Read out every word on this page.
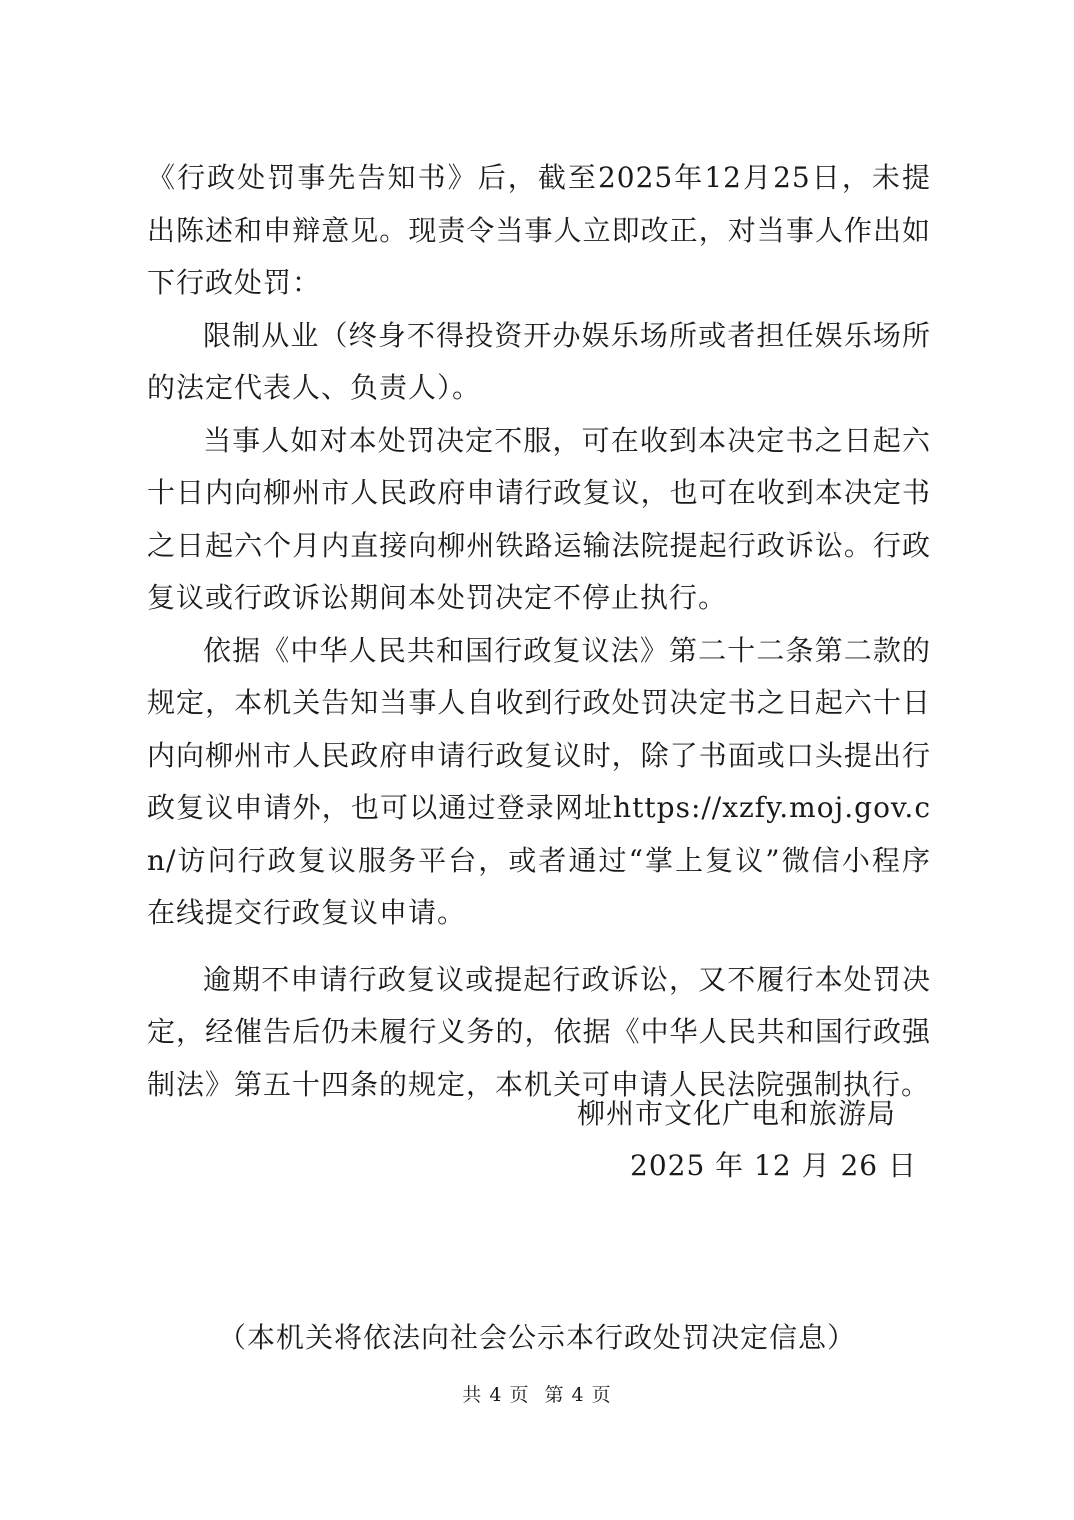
《行政处罚事先告知书》后，截至2025年12月25日，未提出陈述和申辩意见。现责令当事人立即改正，对当事人作出如下行政处罚：

限制从业（终身不得投资开办娱乐场所或者担任娱乐场所的法定代表人、负责人）。

当事人如对本处罚决定不服，可在收到本决定书之日起六十日内向柳州市人民政府申请行政复议，也可在收到本决定书之日起六个月内直接向柳州铁路运输法院提起行政诉讼。行政复议或行政诉讼期间本处罚决定不停止执行。

依据《中华人民共和国行政复议法》第二十二条第二款的规定，本机关告知当事人自收到行政处罚决定书之日起六十日内向柳州市人民政府申请行政复议时，除了书面或口头提出行政复议申请外，也可以通过登录网址https://xzfy.moj.gov.cn/访问行政复议服务平台，或者通过“掌上复议”微信小程序在线提交行政复议申请。

逾期不申请行政复议或提起行政诉讼，又不履行本处罚决定，经催告后仍未履行义务的，依据《中华人民共和国行政强制法》第五十四条的规定，本机关可申请人民法院强制执行。

柳州市文化广电和旅游局
2025 年 12 月 26 日
（本机关将依法向社会公示本行政处罚决定信息）
共 4 页 第 4 页
